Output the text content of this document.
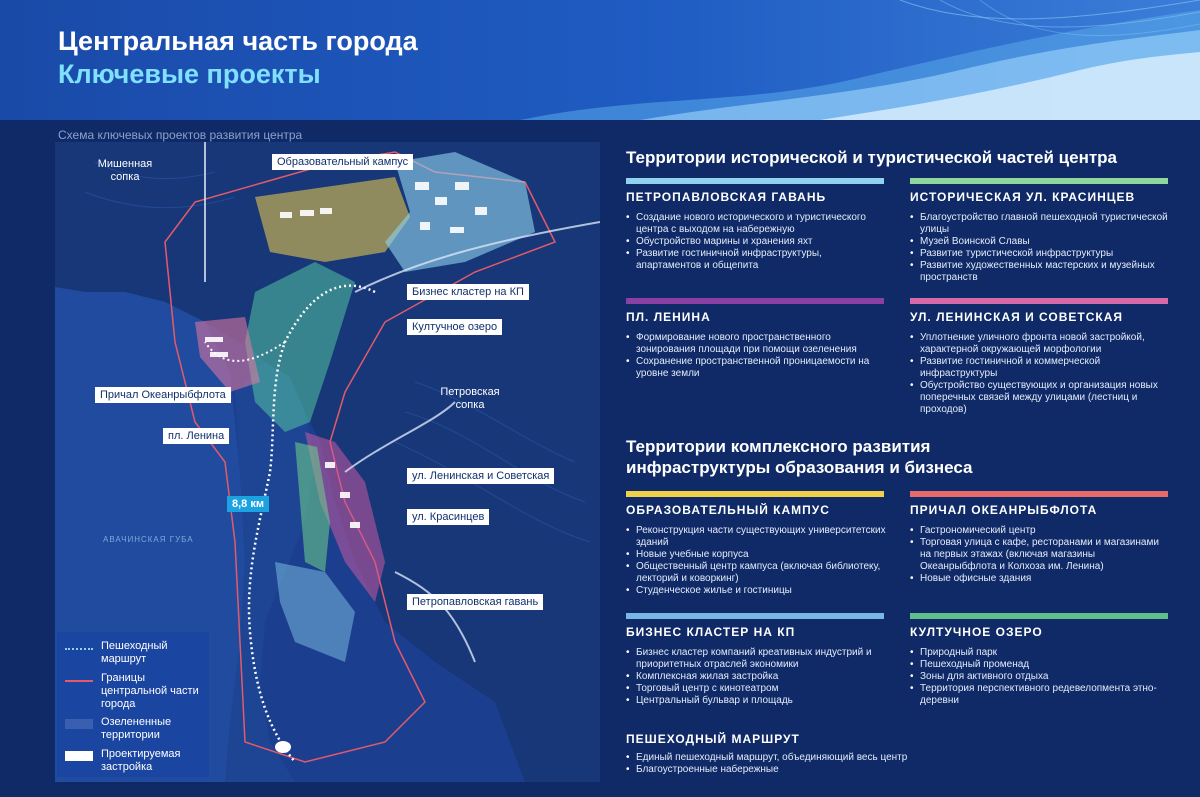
Центральная часть города
Ключевые проекты
Схема ключевых проектов развития центра
Образовательный кампус
Бизнес кластер на КП
Култучное озеро
Причал Океанрыбфлота
пл. Ленина
ул. Ленинская и Советская
ул. Красинцев
Петропавловская гавань
Мишенная
сопка
Петровская
сопка
АВАЧИНСКАЯ ГУБА
8,8 км
Пешеходный маршрут
Границы центральной части города
Озелененные территории
Проектируемая застройка
Территории исторической и туристической частей центра
ПЕТРОПАВЛОВСКАЯ ГАВАНЬ
• Создание нового исторического и туристического центра с выходом на набережную
• Обустройство марины и хранения яхт
• Развитие гостиничной инфраструктуры, апартаментов и общепита
ИСТОРИЧЕСКАЯ УЛ. КРАСИНЦЕВ
• Благоустройство главной пешеходной туристической улицы
• Музей Воинской Славы
• Развитие туристической инфраструктуры
• Развитие художественных мастерских и музейных пространств
ПЛ. ЛЕНИНА
• Формирование нового пространственного зонирования площади при помощи озеленения
• Сохранение пространственной проницаемости на уровне земли
УЛ. ЛЕНИНСКАЯ И СОВЕТСКАЯ
• Уплотнение уличного фронта новой застройкой, характерной окружающей морфологии
• Развитие гостиничной и коммерческой инфраструктуры
• Обустройство существующих и организация новых поперечных связей между улицами (лестниц и проходов)
Территории комплексного развития
инфраструктуры образования и бизнеса
ОБРАЗОВАТЕЛЬНЫЙ КАМПУС
• Реконструкция части существующих университетских зданий
• Новые учебные корпуса
• Общественный центр кампуса (включая библиотеку, лекторий и коворкинг)
• Студенческое жилье и гостиницы
ПРИЧАЛ ОКЕАНРЫБФЛОТА
• Гастрономический центр
• Торговая улица с кафе, ресторанами и магазинами на первых этажах (включая магазины Океанрыбфлота и Колхоза им. Ленина)
• Новые офисные здания
БИЗНЕС КЛАСТЕР НА КП
• Бизнес кластер компаний креативных индустрий и приоритетных отраслей экономики
• Комплексная жилая застройка
• Торговый центр с кинотеатром
• Центральный бульвар и площадь
КУЛТУЧНОЕ ОЗЕРО
• Природный парк
• Пешеходный променад
• Зоны для активного отдыха
• Территория перспективного редевелопмента этно-деревни
ПЕШЕХОДНЫЙ МАРШРУТ
• Единый пешеходный маршрут, объединяющий весь центр
• Благоустроенные набережные
